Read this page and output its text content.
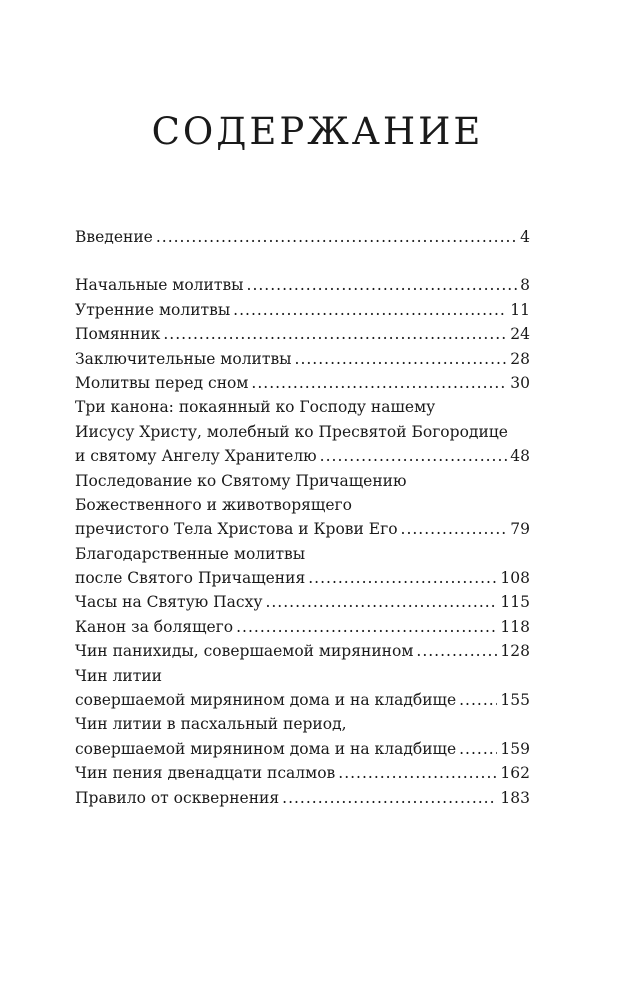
СОДЕРЖАНИЕ
Введение .....	4
Начальные молитвы .....	8
Утренние молитвы .....	11
Помянник .....	24
Заключительные молитвы .....	28
Молитвы перед сном .....	30
Три канона: покаянный ко Господу нашему
Иисусу Христу, молебный ко Пресвятой Богородице
и святому Ангелу Хранителю .....	48
Последование ко Святому Причащению
Божественного и животворящего
пречистого Тела Христова и Крови Его .....	79
Благодарственные молитвы
после Святого Причащения .....	108
Часы на Святую Пасху .....	115
Канон за болящего .....	118
Чин панихиды, совершаемой мирянином .....	128
Чин литии
совершаемой мирянином дома и на кладбище .....	155
Чин литии в пасхальный период,
совершаемой мирянином дома и на кладбище .....	159
Чин пения двенадцати псалмов .....	162
Правило от осквернения .....	183
